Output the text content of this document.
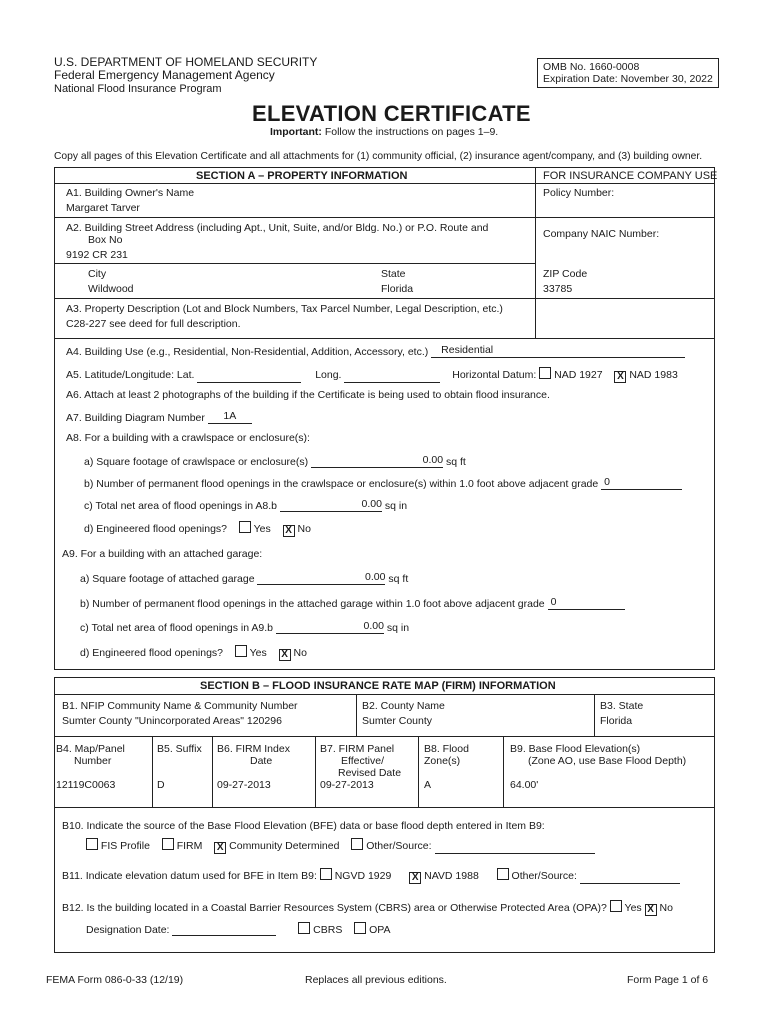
U.S. DEPARTMENT OF HOMELAND SECURITY
Federal Emergency Management Agency
National Flood Insurance Program
OMB No. 1660-0008
Expiration Date: November 30, 2022
ELEVATION CERTIFICATE
Important: Follow the instructions on pages 1–9.
Copy all pages of this Elevation Certificate and all attachments for (1) community official, (2) insurance agent/company, and (3) building owner.
SECTION A – PROPERTY INFORMATION	FOR INSURANCE COMPANY USE
A1. Building Owner's Name
Margaret Tarver
Policy Number:
A2. Building Street Address (including Apt., Unit, Suite, and/or Bldg. No.) or P.O. Route and
Box No
9192 CR 231
Company NAIC Number:
City
Wildwood
State
Florida
ZIP Code
33785
A3. Property Description (Lot and Block Numbers, Tax Parcel Number, Legal Description, etc.)
C28-227 see deed for full description.
A4. Building Use (e.g., Residential, Non-Residential, Addition, Accessory, etc.) Residential
A5. Latitude/Longitude: Lat.	Long.	Horizontal Datum: NAD 1927 X NAD 1983
A6. Attach at least 2 photographs of the building if the Certificate is being used to obtain flood insurance.
A7. Building Diagram Number 1A
A8. For a building with a crawlspace or enclosure(s):
a) Square footage of crawlspace or enclosure(s)	0.00 sq ft
b) Number of permanent flood openings in the crawlspace or enclosure(s) within 1.0 foot above adjacent grade 0
c) Total net area of flood openings in A8.b	0.00 sq in
d) Engineered flood openings?	Yes X No
A9. For a building with an attached garage:
a) Square footage of attached garage	0.00 sq ft
b) Number of permanent flood openings in the attached garage within 1.0 foot above adjacent grade 0
c) Total net area of flood openings in A9.b	0.00 sq in
d) Engineered flood openings?	Yes X No
SECTION B – FLOOD INSURANCE RATE MAP (FIRM) INFORMATION
B1. NFIP Community Name & Community Number
Sumter County "Unincorporated Areas" 120296
B2. County Name
Sumter County
B3. State
Florida
B4. Map/Panel
Number
12119C0063
B5. Suffix
D
B6. FIRM Index
Date
09-27-2013
B7. FIRM Panel
Effective/
Revised Date
09-27-2013
B8. Flood
Zone(s)
A
B9. Base Flood Elevation(s)
(Zone AO, use Base Flood Depth)
64.00'
B10. Indicate the source of the Base Flood Elevation (BFE) data or base flood depth entered in Item B9:
FIS Profile	FIRM X Community Determined	Other/Source:
B11. Indicate elevation datum used for BFE in Item B9: NGVD 1929 X NAVD 1988	Other/Source:
B12. Is the building located in a Coastal Barrier Resources System (CBRS) area or Otherwise Protected Area (OPA)? Yes X No
Designation Date:	CBRS	OPA
FEMA Form 086-0-33 (12/19)	Replaces all previous editions.	Form Page 1 of 6
